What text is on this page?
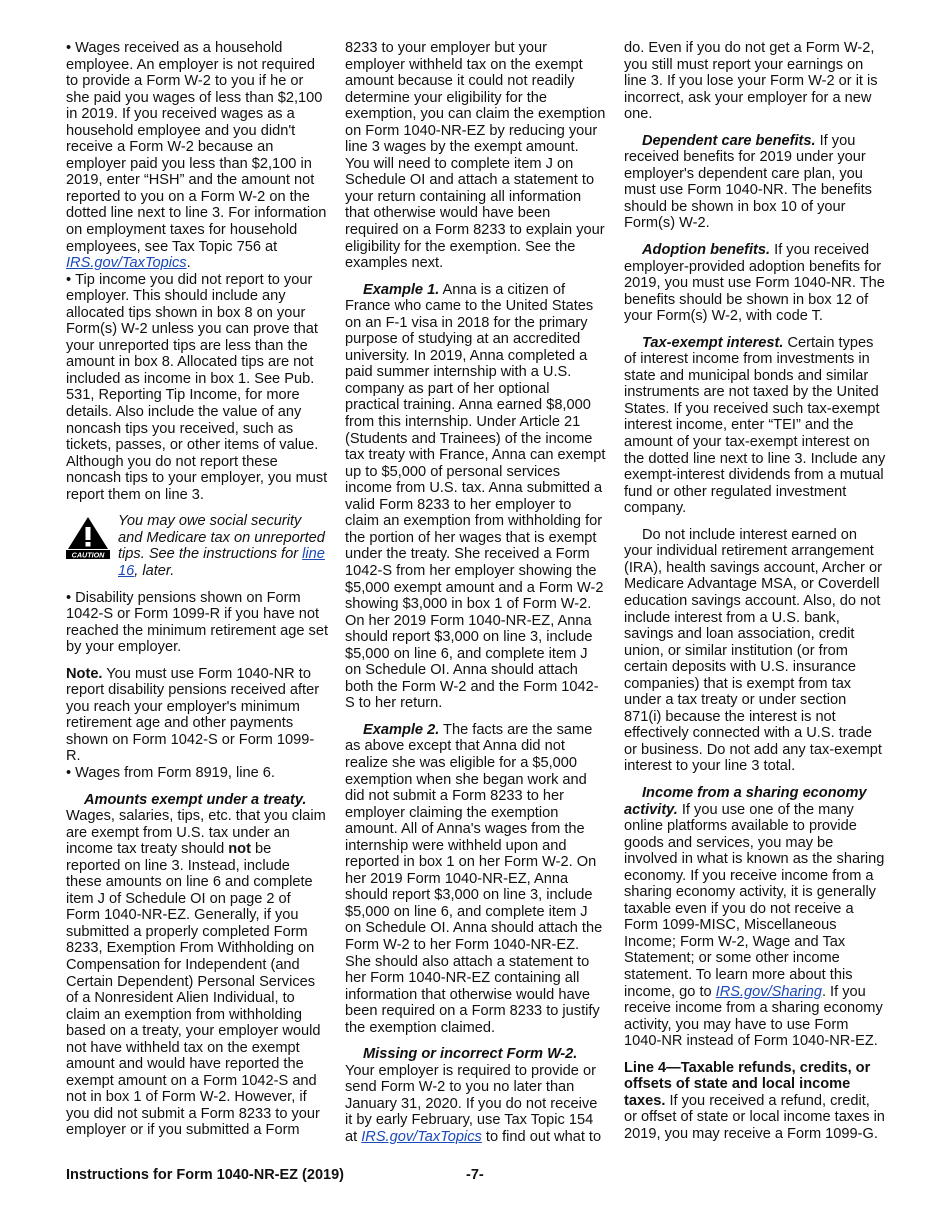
• Wages received as a household employee. An employer is not required to provide a Form W-2 to you if he or she paid you wages of less than $2,100 in 2019. If you received wages as a household employee and you didn't receive a Form W-2 because an employer paid you less than $2,100 in 2019, enter “HSH” and the amount not reported to you on a Form W-2 on the dotted line next to line 3. For information on employment taxes for household employees, see Tax Topic 756 at IRS.gov/TaxTopics.

• Tip income you did not report to your employer. This should include any allocated tips shown in box 8 on your Form(s) W-2 unless you can prove that your unreported tips are less than the amount in box 8. Allocated tips are not included as income in box 1. See Pub. 531, Reporting Tip Income, for more details. Also include the value of any noncash tips you received, such as tickets, passes, or other items of value. Although you do not report these noncash tips to your employer, you must report them on line 3.

CAUTION
You may owe social security and Medicare tax on unreported tips. See the instructions for line 16, later.

• Disability pensions shown on Form 1042-S or Form 1099-R if you have not reached the minimum retirement age set by your employer.

Note. You must use Form 1040-NR to report disability pensions received after you reach your employer's minimum retirement age and other payments shown on Form 1042-S or Form 1099-R.

• Wages from Form 8919, line 6.

Amounts exempt under a treaty. Wages, salaries, tips, etc. that you claim are exempt from U.S. tax under an income tax treaty should not be reported on line 3. Instead, include these amounts on line 6 and complete item J of Schedule OI on page 2 of Form 1040-NR-EZ. Generally, if you submitted a properly completed Form 8233, Exemption From Withholding on Compensation for Independent (and Certain Dependent) Personal Services of a Nonresident Alien Individual, to claim an exemption from withholding based on a treaty, your employer would not have withheld tax on the exempt amount and would have reported the exempt amount on a Form 1042-S and not in box 1 of Form W-2. However, if you did not submit a Form 8233 to your employer or if you submitted a Form

8233 to your employer but your employer withheld tax on the exempt amount because it could not readily determine your eligibility for the exemption, you can claim the exemption on Form 1040-NR-EZ by reducing your line 3 wages by the exempt amount. You will need to complete item J on Schedule OI and attach a statement to your return containing all information that otherwise would have been required on a Form 8233 to explain your eligibility for the exemption. See the examples next.

Example 1. Anna is a citizen of France who came to the United States on an F-1 visa in 2018 for the primary purpose of studying at an accredited university. In 2019, Anna completed a paid summer internship with a U.S. company as part of her optional practical training. Anna earned $8,000 from this internship. Under Article 21 (Students and Trainees) of the income tax treaty with France, Anna can exempt up to $5,000 of personal services income from U.S. tax. Anna submitted a valid Form 8233 to her employer to claim an exemption from withholding for the portion of her wages that is exempt under the treaty. She received a Form 1042-S from her employer showing the $5,000 exempt amount and a Form W-2 showing $3,000 in box 1 of Form W-2. On her 2019 Form 1040-NR-EZ, Anna should report $3,000 on line 3, include $5,000 on line 6, and complete item J on Schedule OI. Anna should attach both the Form W-2 and the Form 1042-S to her return.

Example 2. The facts are the same as above except that Anna did not realize she was eligible for a $5,000 exemption when she began work and did not submit a Form 8233 to her employer claiming the exemption amount. All of Anna's wages from the internship were withheld upon and reported in box 1 on her Form W-2. On her 2019 Form 1040-NR-EZ, Anna should report $3,000 on line 3, include $5,000 on line 6, and complete item J on Schedule OI. Anna should attach the Form W-2 to her Form 1040-NR-EZ. She should also attach a statement to her Form 1040-NR-EZ containing all information that otherwise would have been required on a Form 8233 to justify the exemption claimed.

Missing or incorrect Form W-2. Your employer is required to provide or send Form W-2 to you no later than January 31, 2020. If you do not receive it by early February, use Tax Topic 154 at IRS.gov/TaxTopics to find out what to

do. Even if you do not get a Form W-2, you still must report your earnings on line 3. If you lose your Form W-2 or it is incorrect, ask your employer for a new one.

Dependent care benefits. If you received benefits for 2019 under your employer's dependent care plan, you must use Form 1040-NR. The benefits should be shown in box 10 of your Form(s) W-2.

Adoption benefits. If you received employer-provided adoption benefits for 2019, you must use Form 1040-NR. The benefits should be shown in box 12 of your Form(s) W-2, with code T.

Tax-exempt interest. Certain types of interest income from investments in state and municipal bonds and similar instruments are not taxed by the United States. If you received such tax-exempt interest income, enter “TEI” and the amount of your tax-exempt interest on the dotted line next to line 3. Include any exempt-interest dividends from a mutual fund or other regulated investment company.

Do not include interest earned on your individual retirement arrangement (IRA), health savings account, Archer or Medicare Advantage MSA, or Coverdell education savings account. Also, do not include interest from a U.S. bank, savings and loan association, credit union, or similar institution (or from certain deposits with U.S. insurance companies) that is exempt from tax under a tax treaty or under section 871(i) because the interest is not effectively connected with a U.S. trade or business. Do not add any tax-exempt interest to your line 3 total.

Income from a sharing economy activity. If you use one of the many online platforms available to provide goods and services, you may be involved in what is known as the sharing economy. If you receive income from a sharing economy activity, it is generally taxable even if you do not receive a Form 1099-MISC, Miscellaneous Income; Form W-2, Wage and Tax Statement; or some other income statement. To learn more about this income, go to IRS.gov/Sharing. If you receive income from a sharing economy activity, you may have to use Form 1040-NR instead of Form 1040-NR-EZ.

Line 4—Taxable refunds, credits, or offsets of state and local income taxes. If you received a refund, credit, or offset of state or local income taxes in 2019, you may receive a Form 1099-G.

Instructions for Form 1040-NR-EZ (2019)	-7-
